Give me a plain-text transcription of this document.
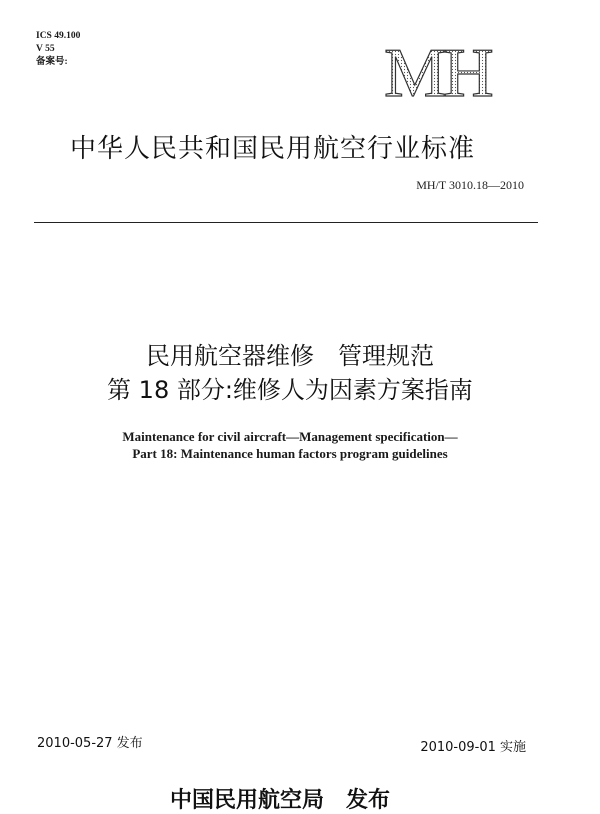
ICS 49.100
V 55
备案号:	MH
中华人民共和国民用航空行业标准
MH/T 3010.18—2010
民用航空器维修　管理规范
第 18 部分:维修人为因素方案指南
Maintenance for civil aircraft—Management specification—
Part 18: Maintenance human factors program guidelines
2010-05-27 发布	2010-09-01 实施
中国民用航空局　发布
